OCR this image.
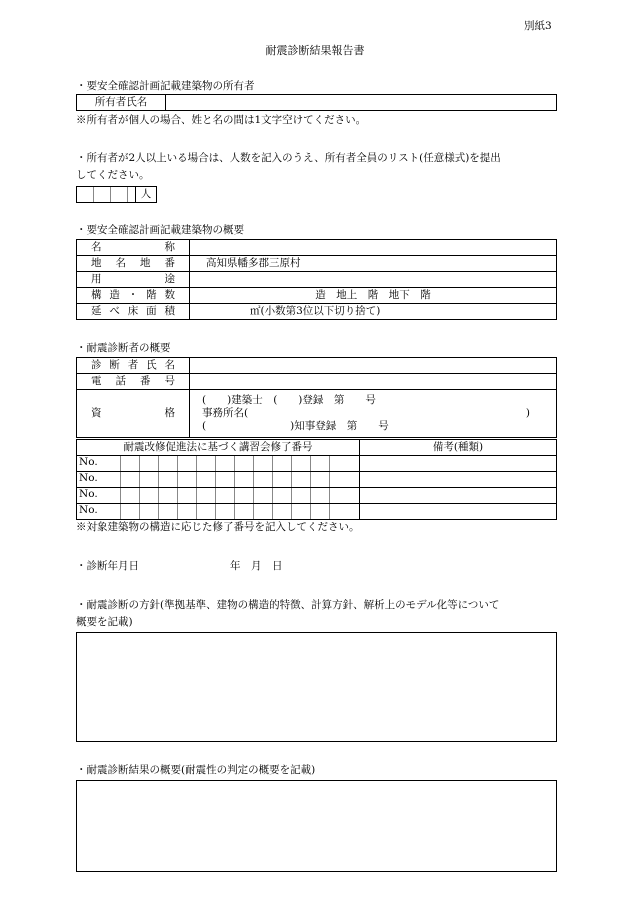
別紙3
耐震診断結果報告書
・要安全確認計画記載建築物の所有者
所有者氏名	
※所有者が個人の場合、姓と名の間は1文字空けてください。
・所有者が2人以上いる場合は、人数を記入のうえ、所有者全員のリスト(任意様式)を提出
してください。
	人
・要安全確認計画記載建築物の概要
名　称	

地名地番	高知県幡多郡三原村

用　途	

構造・階数	造　地上　階　地下　階

延べ床面積	㎡(小数第3位以下切り捨て)
・耐震診断者の概要
診断者氏名	

電話番号	

資　格	(　　)建築士　(　　)登録　第　　号
事務所名( )
(　　　　　　　　)知事登録　第　　号
耐震改修促進法に基づく講習会修了番号	備考(種類)
No.	
No.	
No.	
No.	
※対象建築物の構造に応じた修了番号を記入してください。
・診断年月日	年　月　日
・耐震診断の方針(準拠基準、建物の構造的特徴、計算方針、解析上のモデル化等について
概要を記載)
・耐震診断結果の概要(耐震性の判定の概要を記載)
